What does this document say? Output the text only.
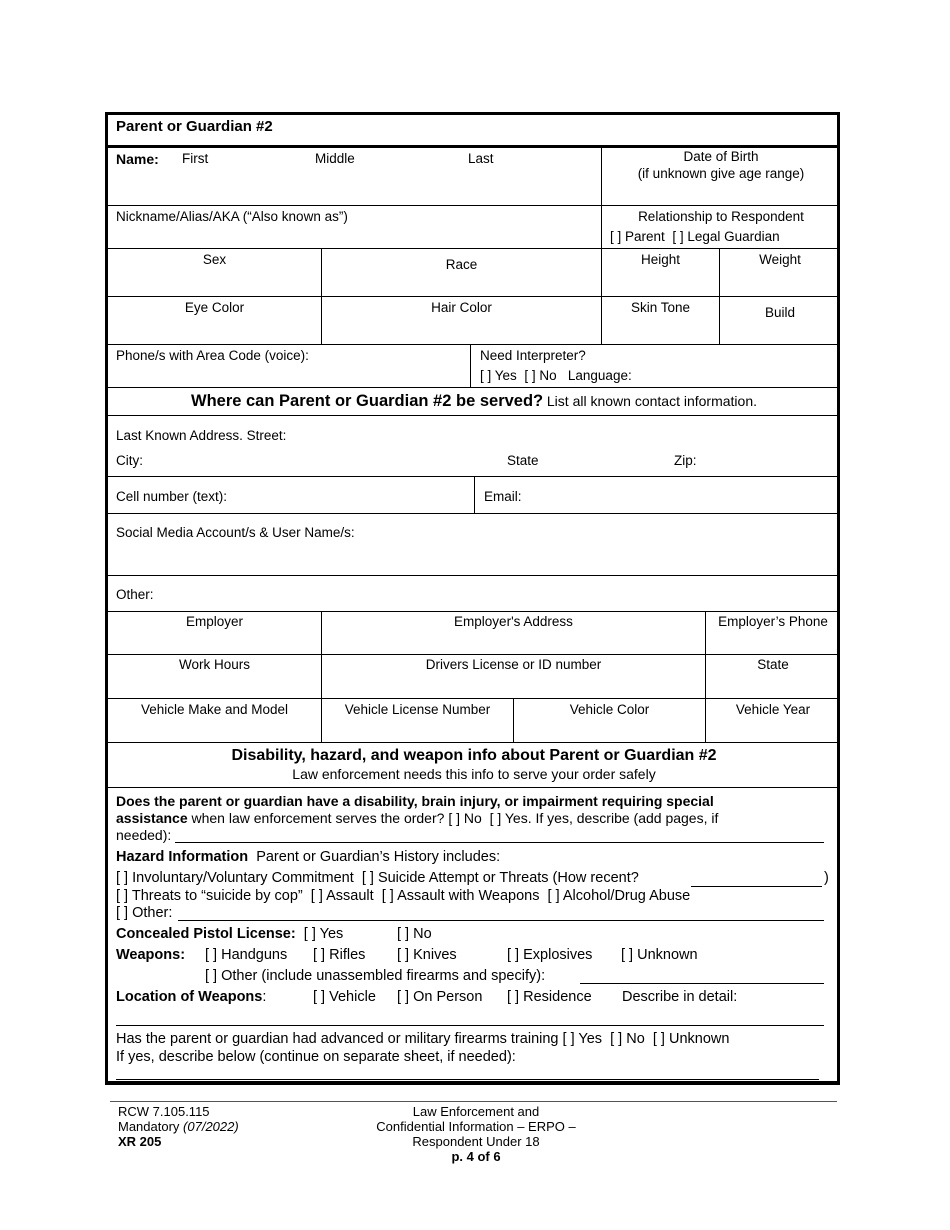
Parent or Guardian #2
Name: First	Middle	Last	Date of Birth
(if unknown give age range)
Nickname/Alias/AKA (“Also known as”)	Relationship to Respondent
[ ] Parent [ ] Legal Guardian
Sex	Race	Height	Weight
Eye Color	Hair Color	Skin Tone	Build
Phone/s with Area Code (voice):	Need Interpreter?
[ ] Yes [ ] No Language:
Where can Parent or Guardian #2 be served? List all known contact information.
Last Known Address. Street:
City:	State	Zip:
Cell number (text):	Email:
Social Media Account/s & User Name/s:
Other:
Employer	Employer's Address	Employer’s Phone
Work Hours	Drivers License or ID number	State
Vehicle Make and Model	Vehicle License Number	Vehicle Color	Vehicle Year
Disability, hazard, and weapon info about Parent or Guardian #2
Law enforcement needs this info to serve your order safely
Does the parent or guardian have a disability, brain injury, or impairment requiring special
assistance when law enforcement serves the order? [ ] No [ ] Yes. If yes, describe (add pages, if
needed):
Hazard Information Parent or Guardian’s History includes:
[ ] Involuntary/Voluntary Commitment [ ] Suicide Attempt or Threats (How recent?	)
[ ] Threats to “suicide by cop” [ ] Assault [ ] Assault with Weapons [ ] Alcohol/Drug Abuse
[ ] Other:
Concealed Pistol License: [ ] Yes	[ ] No
Weapons: [ ] Handguns [ ] Rifles [ ] Knives	[ ] Explosives [ ] Unknown
[ ] Other (include unassembled firearms and specify):
Location of Weapons:	[ ] Vehicle [ ] On Person [ ] Residence Describe in detail:
Has the parent or guardian had advanced or military firearms training [ ] Yes [ ] No [ ] Unknown
If yes, describe below (continue on separate sheet, if needed):
RCW 7.105.115
Mandatory (07/2022)
XR 205
Law Enforcement and
Confidential Information – ERPO –
Respondent Under 18
p. 4 of 6
